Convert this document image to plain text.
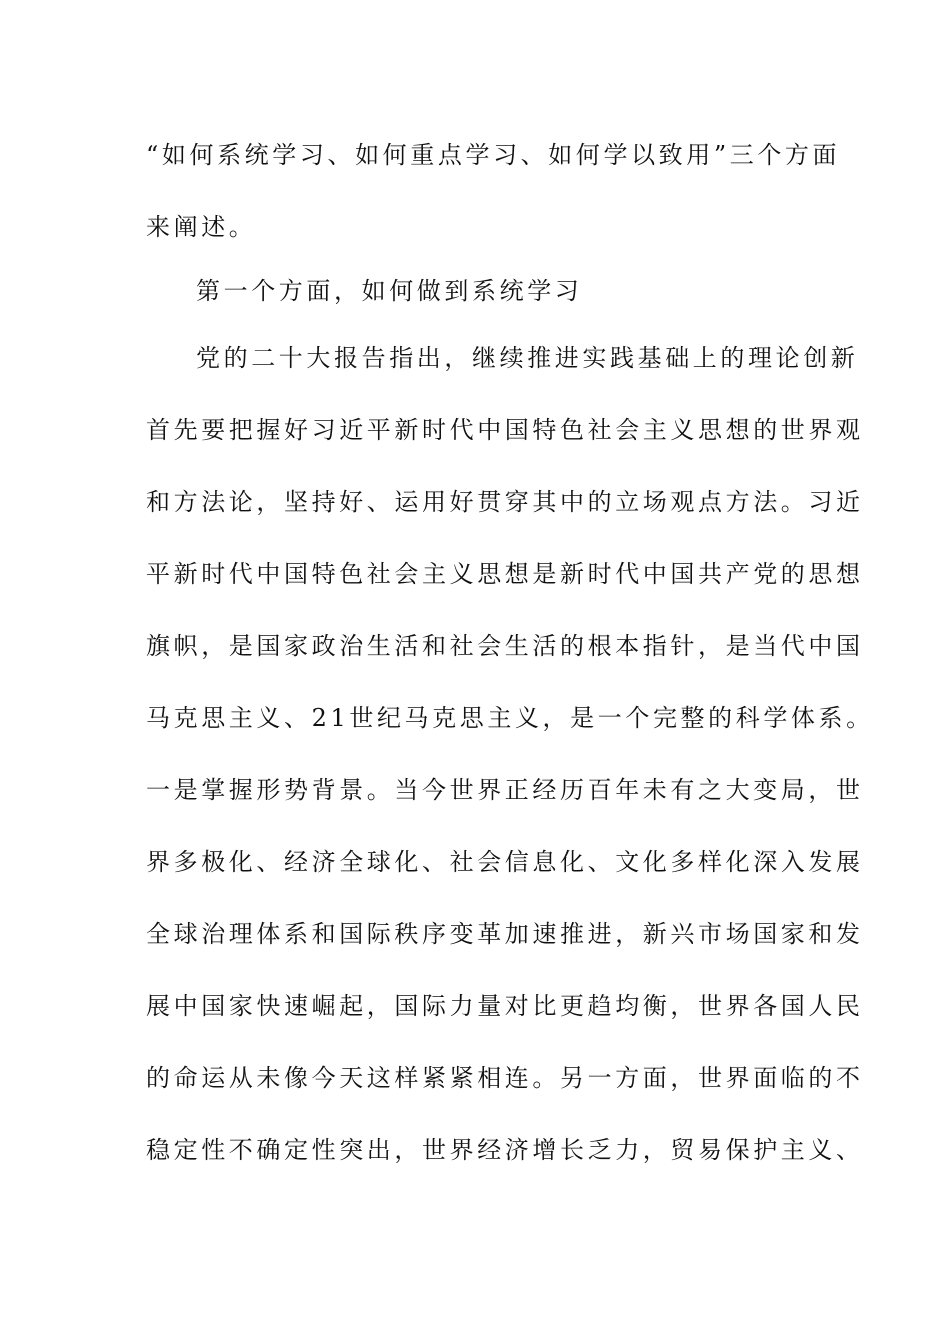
“如何系统学习、如何重点学习、如何学以致用”三个方面
来阐述。
第一个方面，如何做到系统学习
党的二十大报告指出，继续推进实践基础上的理论创新
首先要把握好习近平新时代中国特色社会主义思想的世界观
和方法论，坚持好、运用好贯穿其中的立场观点方法。习近
平新时代中国特色社会主义思想是新时代中国共产党的思想
旗帜，是国家政治生活和社会生活的根本指针，是当代中国
马克思主义、21世纪马克思主义，是一个完整的科学体系。
一是掌握形势背景。当今世界正经历百年未有之大变局，世
界多极化、经济全球化、社会信息化、文化多样化深入发展
全球治理体系和国际秩序变革加速推进，新兴市场国家和发
展中国家快速崛起，国际力量对比更趋均衡，世界各国人民
的命运从未像今天这样紧紧相连。另一方面，世界面临的不
稳定性不确定性突出，世界经济增长乏力，贸易保护主义、
